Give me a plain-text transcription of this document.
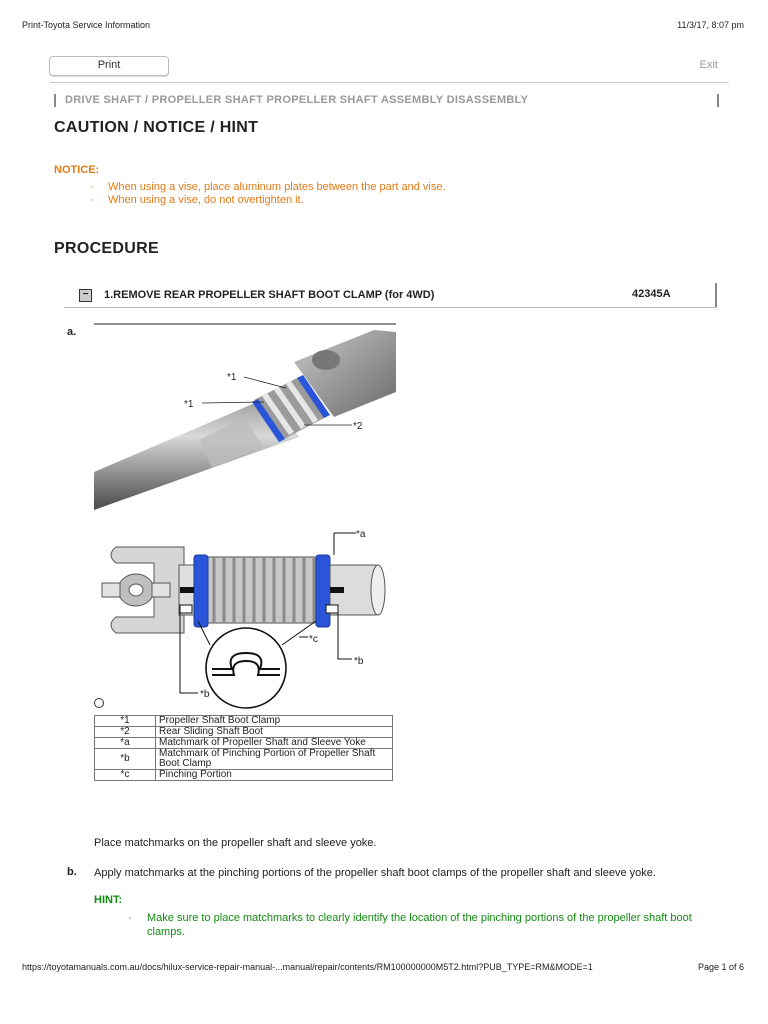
Print-Toyota Service Information	11/3/17, 8:07 pm
Print	Exit
DRIVE SHAFT / PROPELLER SHAFT PROPELLER SHAFT ASSEMBLY DISASSEMBLY
CAUTION / NOTICE / HINT
NOTICE:
· When using a vise, place aluminum plates between the part and vise.
· When using a vise, do not overtighten it.
PROCEDURE
−	1.REMOVE REAR PROPELLER SHAFT BOOT CLAMP (for 4WD)	42345A
a.
*1
*1
*2
*a
*b
*c
*b
*1	Propeller Shaft Boot Clamp
*2	Rear Sliding Shaft Boot
*a	Matchmark of Propeller Shaft and Sleeve Yoke
*b	Matchmark of Pinching Portion of Propeller Shaft Boot Clamp
*c	Pinching Portion
Place matchmarks on the propeller shaft and sleeve yoke.
b. Apply matchmarks at the pinching portions of the propeller shaft boot clamps of the propeller shaft and sleeve yoke.
HINT:
· Make sure to place matchmarks to clearly identify the location of the pinching portions of the propeller shaft boot clamps.
https://toyotamanuals.com.au/docs/hilux-service-repair-manual-...manual/repair/contents/RM100000000M5T2.html?PUB_TYPE=RM&MODE=1	Page 1 of 6
